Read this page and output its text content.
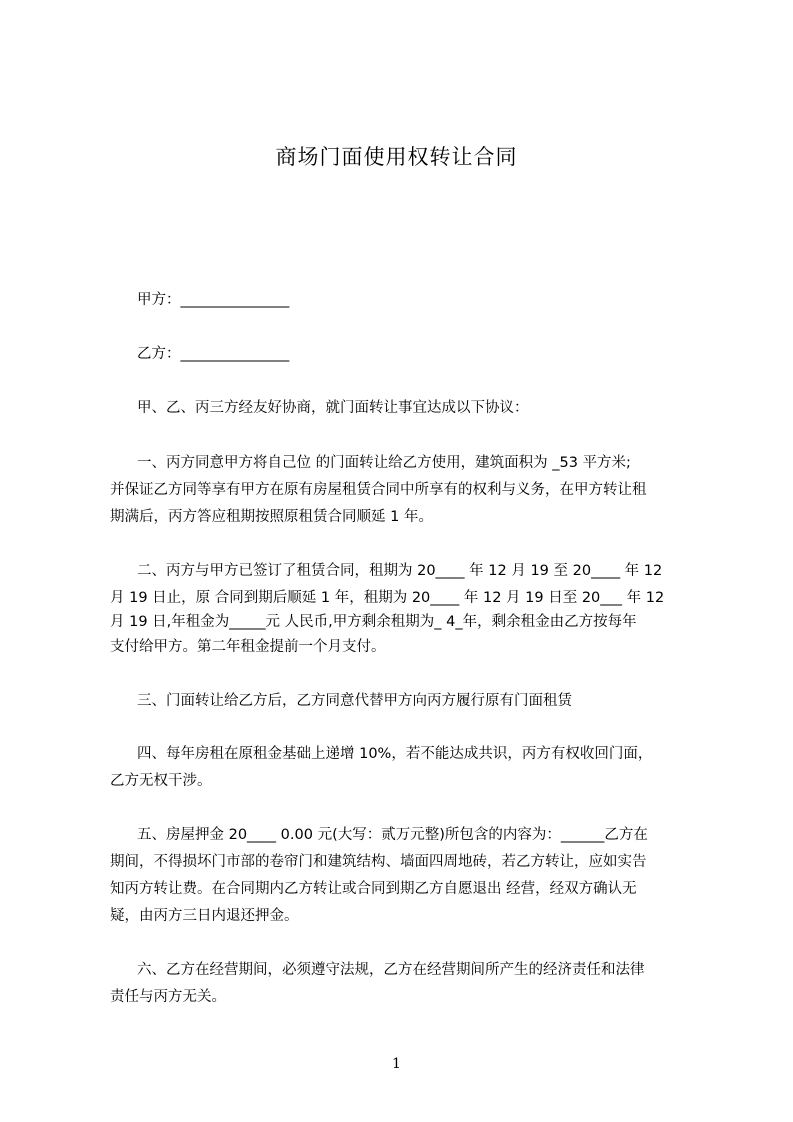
商场门面使用权转让合同
甲方：_______________
乙方：_______________
甲、乙、丙三方经友好协商，就门面转让事宜达成以下协议：
一、丙方同意甲方将自己位 的门面转让给乙方使用，建筑面积为 _53 平方米;
并保证乙方同等享有甲方在原有房屋租赁合同中所享有的权利与义务，在甲方转让租
期满后，丙方答应租期按照原租赁合同顺延 1 年。
二、丙方与甲方已签订了租赁合同，租期为 20____ 年 12 月 19 至 20____ 年 12
月 19 日止，原 合同到期后顺延 1 年，租期为 20____ 年 12 月 19 日至 20___ 年 12
月 19 日,年租金为_____元 人民币,甲方剩余租期为_ 4_年，剩余租金由乙方按每年
支付给甲方。第二年租金提前一个月支付。
三、门面转让给乙方后，乙方同意代替甲方向丙方履行原有门面租赁
四、每年房租在原租金基础上递增 10%，若不能达成共识，丙方有权收回门面，
乙方无权干涉。
五、房屋押金 20____ 0.00 元(大写：贰万元整)所包含的内容为：______乙方在
期间，不得损坏门市部的卷帘门和建筑结构、墙面四周地砖，若乙方转让，应如实告
知丙方转让费。在合同期内乙方转让或合同到期乙方自愿退出 经营，经双方确认无
疑，由丙方三日内退还押金。
六、乙方在经营期间，必须遵守法规，乙方在经营期间所产生的经济责任和法律
责任与丙方无关。
1
